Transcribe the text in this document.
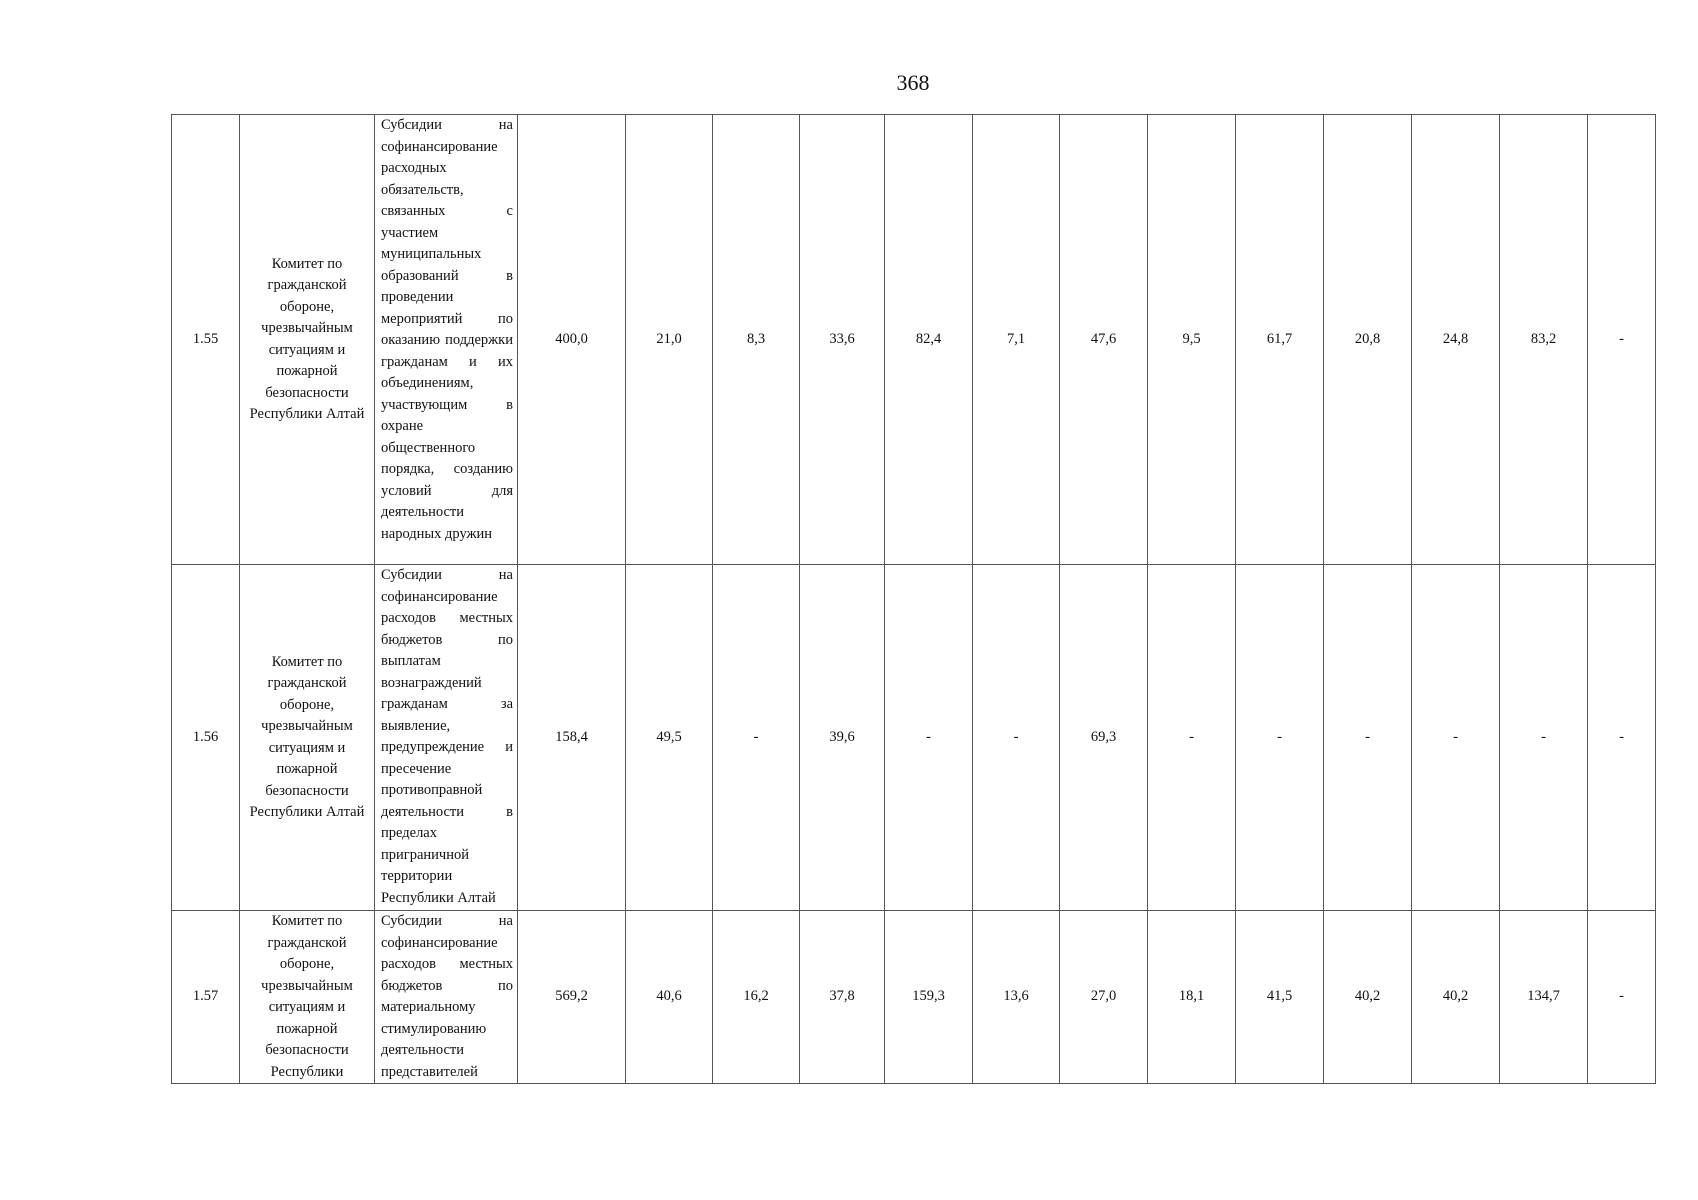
368
1.55	Комитет по гражданской обороне, чрезвычайным ситуациям и пожарной безопасности Республики Алтай	Субсидии на софинансирование расходных обязательств, связанных с участием муниципальных образований в проведении мероприятий по оказанию поддержки гражданам и их объединениям, участвующим в охране общественного порядка, созданию условий для деятельности народных дружин	400,0	21,0	8,3	33,6	82,4	7,1	47,6	9,5	61,7	20,8	24,8	83,2	-
1.56	Комитет по гражданской обороне, чрезвычайным ситуациям и пожарной безопасности Республики Алтай	Субсидии на софинансирование расходов местных бюджетов по выплатам вознаграждений гражданам за выявление, предупреждение и пресечение противоправной деятельности в пределах приграничной территории Республики Алтай	158,4	49,5	-	39,6	-	-	69,3	-	-	-	-	-	-
1.57	Комитет по гражданской обороне, чрезвычайным ситуациям и пожарной безопасности Республики	Субсидии на софинансирование расходов местных бюджетов по материальному стимулированию деятельности представителей	569,2	40,6	16,2	37,8	159,3	13,6	27,0	18,1	41,5	40,2	40,2	134,7	-
